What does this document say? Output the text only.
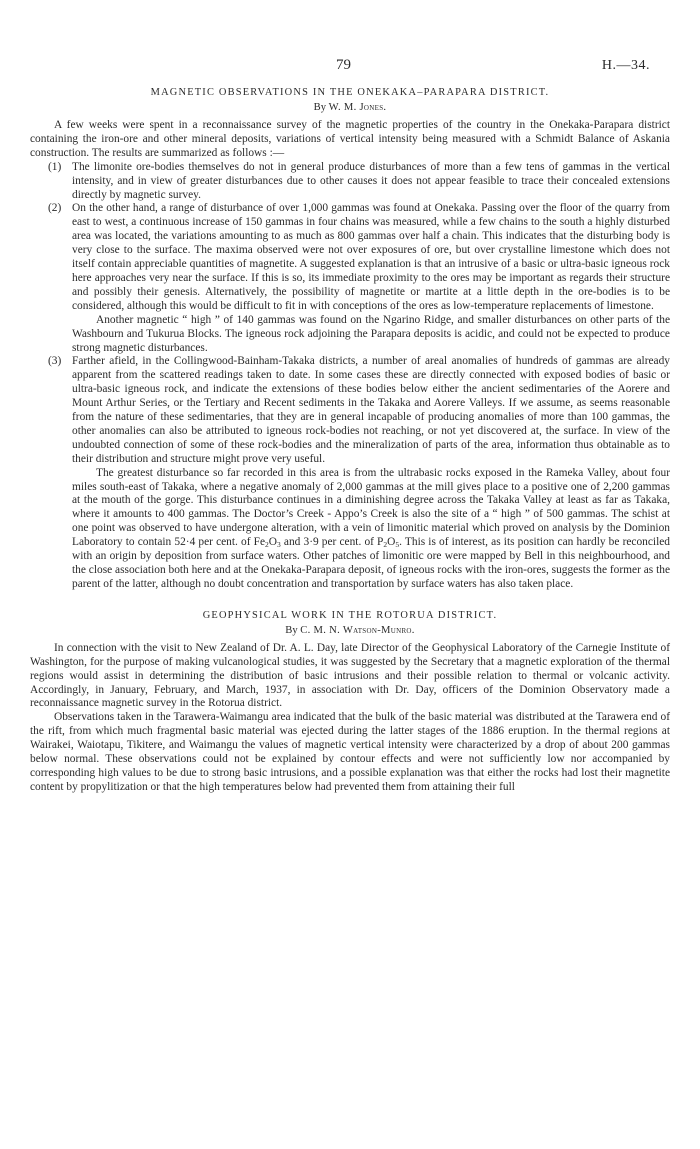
79	H.—34.

MAGNETIC OBSERVATIONS IN THE ONEKAKA–PARAPARA DISTRICT.

By W. M. Jones.

A few weeks were spent in a reconnaissance survey of the magnetic properties of the country in the Onekaka-Parapara district containing the iron-ore and other mineral deposits, variations of vertical intensity being measured with a Schmidt Balance of Askania construction. The results are summarized as follows :—

(1) The limonite ore-bodies themselves do not in general produce disturbances of more than a few tens of gammas in the vertical intensity, and in view of greater disturbances due to other causes it does not appear feasible to trace their concealed extensions directly by magnetic survey.

(2) On the other hand, a range of disturbance of over 1,000 gammas was found at Onekaka. Passing over the floor of the quarry from east to west, a continuous increase of 150 gammas in four chains was measured, while a few chains to the south a highly disturbed area was located, the variations amounting to as much as 800 gammas over half a chain. This indicates that the disturbing body is very close to the surface. The maxima observed were not over exposures of ore, but over crystalline limestone which does not itself contain appreciable quantities of magnetite. A suggested explanation is that an intrusive of a basic or ultra-basic igneous rock here approaches very near the surface. If this is so, its immediate proximity to the ores may be important as regards their structure and possibly their genesis. Alternatively, the possibility of magnetite or martite at a little depth in the ore-bodies is to be considered, although this would be difficult to fit in with conceptions of the ores as low-temperature replacements of limestone.

Another magnetic “ high ” of 140 gammas was found on the Ngarino Ridge, and smaller disturbances on other parts of the Washbourn and Tukurua Blocks. The igneous rock adjoining the Parapara deposits is acidic, and could not be expected to produce strong magnetic disturbances.

(3) Farther afield, in the Collingwood-Bainham-Takaka districts, a number of areal anomalies of hundreds of gammas are already apparent from the scattered readings taken to date. In some cases these are directly connected with exposed bodies of basic or ultra-basic igneous rock, and indicate the extensions of these bodies below either the ancient sedimentaries of the Aorere and Mount Arthur Series, or the Tertiary and Recent sediments in the Takaka and Aorere Valleys. If we assume, as seems reasonable from the nature of these sedimentaries, that they are in general incapable of producing anomalies of more than 100 gammas, the other anomalies can also be attributed to igneous rock-bodies not reaching, or not yet discovered at, the surface. In view of the undoubted connection of some of these rock-bodies and the mineralization of parts of the area, information thus obtainable as to their distribution and structure might prove very useful.

The greatest disturbance so far recorded in this area is from the ultrabasic rocks exposed in the Rameka Valley, about four miles south-east of Takaka, where a negative anomaly of 2,000 gammas at the mill gives place to a positive one of 2,200 gammas at the mouth of the gorge. This disturbance continues in a diminishing degree across the Takaka Valley at least as far as Takaka, where it amounts to 400 gammas. The Doctor’s Creek - Appo’s Creek is also the site of a “ high ” of 500 gammas. The schist at one point was observed to have undergone alteration, with a vein of limonitic material which proved on analysis by the Dominion Laboratory to contain 52·4 per cent. of $Fe_2O_3$ and 3·9 per cent. of $P_2O_5$. This is of interest, as its position can hardly be reconciled with an origin by deposition from surface waters. Other patches of limonitic ore were mapped by Bell in this neighbourhood, and the close association both here and at the Onekaka-Parapara deposit, of igneous rocks with the iron-ores, suggests the former as the parent of the latter, although no doubt concentration and transportation by surface waters has also taken place.

GEOPHYSICAL WORK IN THE ROTORUA DISTRICT.

By C. M. N. Watson-Munro.

In connection with the visit to New Zealand of Dr. A. L. Day, late Director of the Geophysical Laboratory of the Carnegie Institute of Washington, for the purpose of making vulcanological studies, it was suggested by the Secretary that a magnetic exploration of the thermal regions would assist in determining the distribution of basic intrusions and their possible relation to thermal or volcanic activity. Accordingly, in January, February, and March, 1937, in association with Dr. Day, officers of the Dominion Observatory made a reconnaissance magnetic survey in the Rotorua district.

Observations taken in the Tarawera-Waimangu area indicated that the bulk of the basic material was distributed at the Tarawera end of the rift, from which much fragmental basic material was ejected during the latter stages of the 1886 eruption. In the thermal regions at Wairakei, Waiotapu, Tikitere, and Waimangu the values of magnetic vertical intensity were characterized by a drop of about 200 gammas below normal. These observations could not be explained by contour effects and were not sufficiently low nor accompanied by corresponding high values to be due to strong basic intrusions, and a possible explanation was that either the rocks had lost their magnetite content by propylitization or that the high temperatures below had prevented them from attaining their full
